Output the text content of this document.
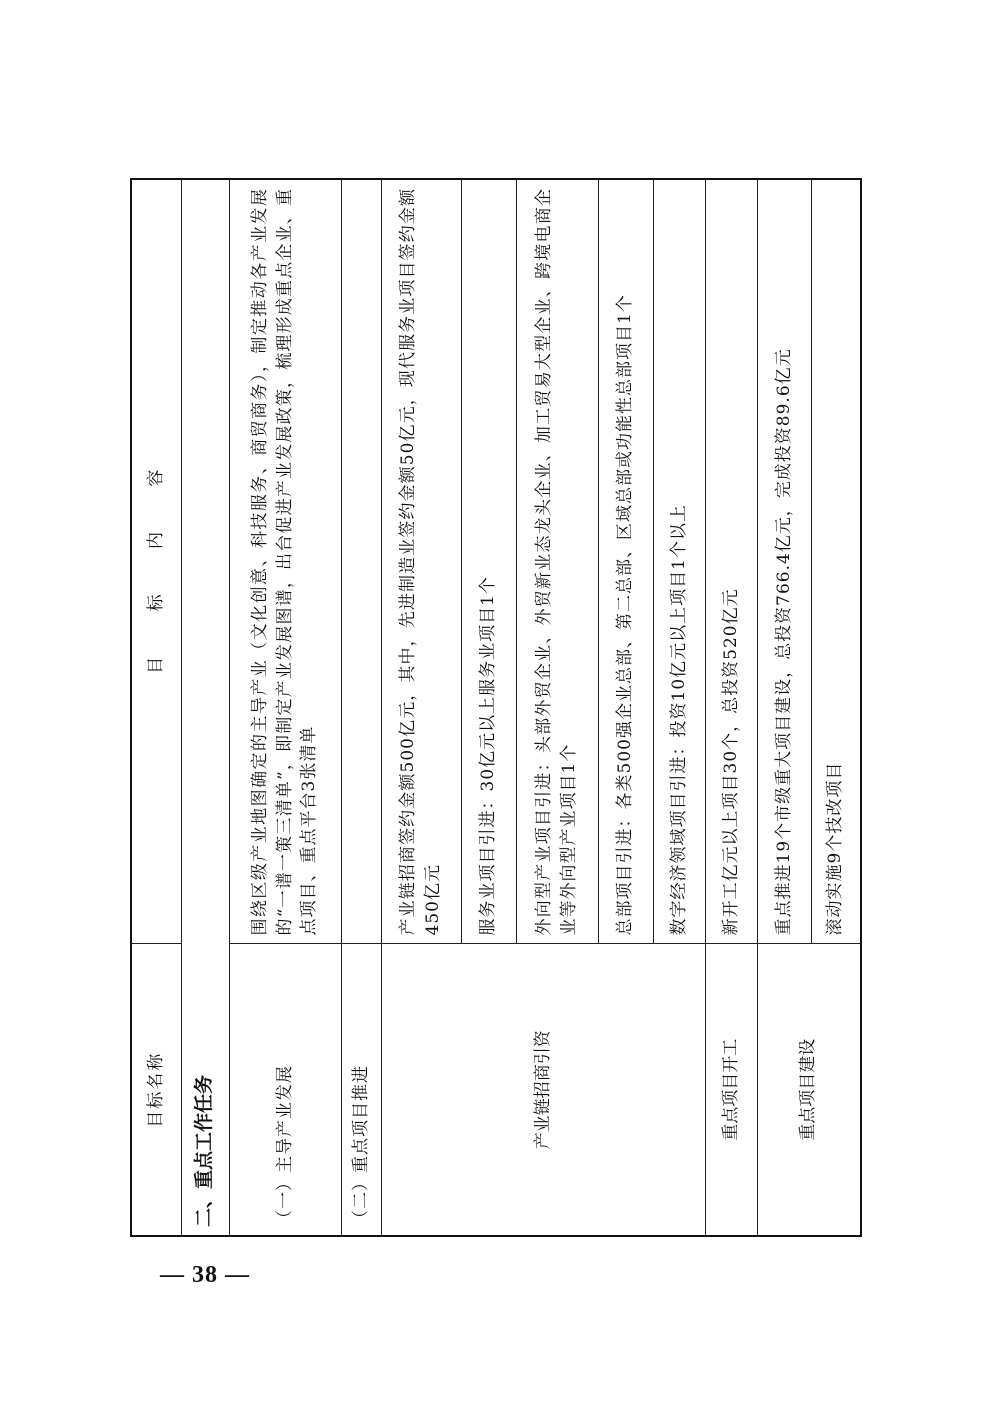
— 38 —
目标名称	目 标 内 容
二、重点工作任务	
（一）主导产业发展	围绕区级产业地图确定的主导产业（文化创意、科技服务、商贸商务），制定推动各产业发展的“一谱一策三清单”，即制定产业发展图谱，出台促进产业发展政策，梳理形成重点企业、重点项目、重点平台3张清单
（二）重点项目推进	
产业链招商引资	产业链招商签约金额500亿元，其中，先进制造业签约金额50亿元，现代服务业项目签约金额450亿元
	服务业项目引进：30亿元以上服务业项目1个
	外向型产业项目引进：头部外贸企业、外贸新业态龙头企业、加工贸易大型企业、跨境电商企业等外向型产业项目1个
	总部项目引进：各类500强企业总部、第二总部、区域总部或功能性总部项目1个
	数字经济领域项目引进：投资10亿元以上项目1个以上
重点项目开工	新开工亿元以上项目30个，总投资520亿元
重点项目建设	重点推进19个市级重大项目建设，总投资766.4亿元，完成投资89.6亿元
	滚动实施9个技改项目
